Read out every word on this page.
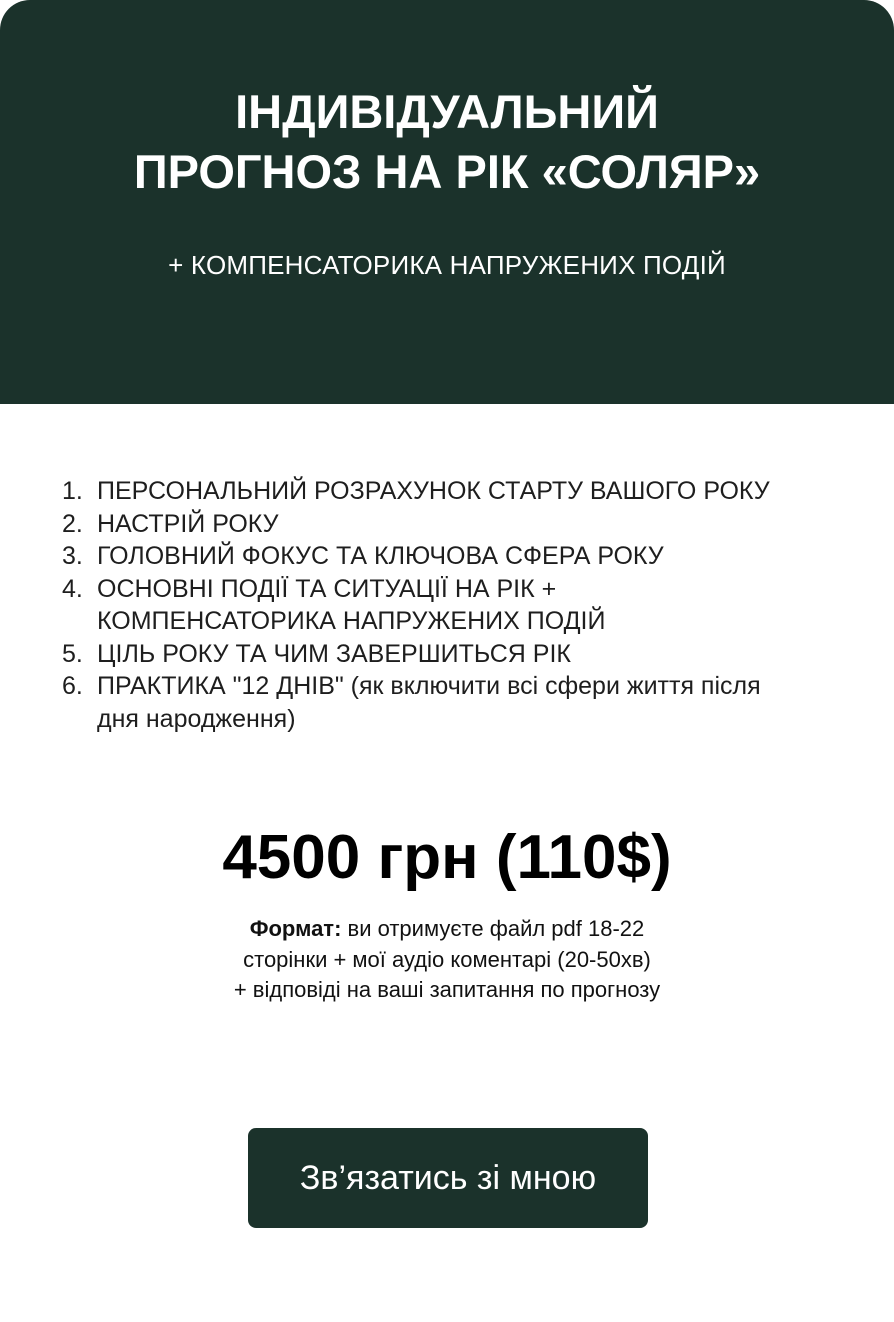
ІНДИВІДУАЛЬНИЙ
ПРОГНОЗ НА РІК «СОЛЯР»
+ КОМПЕНСАТОРИКА НАПРУЖЕНИХ ПОДІЙ
1. ПЕРСОНАЛЬНИЙ РОЗРАХУНОК СТАРТУ ВАШОГО РОКУ
2. НАСТРІЙ РОКУ
3. ГОЛОВНИЙ ФОКУС ТА КЛЮЧОВА СФЕРА РОКУ
4. ОСНОВНІ ПОДІЇ ТА СИТУАЦІЇ НА РІК +
КОМПЕНСАТОРИКА НАПРУЖЕНИХ ПОДІЙ
5. ЦІЛЬ РОКУ ТА ЧИМ ЗАВЕРШИТЬСЯ РІК
6. ПРАКТИКА "12 ДНІВ" (як включити всі сфери життя після
дня народження)
4500 грн (110$)
Формат: ви отримуєте файл pdf 18-22
сторінки + мої аудіо коментарі (20-50хв)
+ відповіді на ваші запитання по прогнозу
Зв’язатись зі мною
